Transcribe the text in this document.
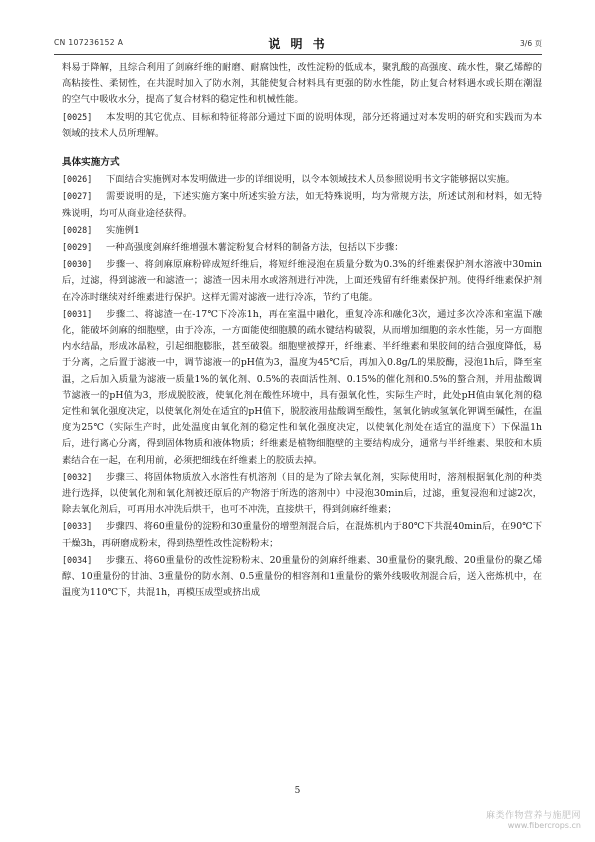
CN 107236152 A	说 明 书	3/6 页

料易于降解，且综合利用了剑麻纤维的耐磨、耐腐蚀性，改性淀粉的低成本，聚乳酸的高强度、疏水性，聚乙烯醇的高粘接性、柔韧性，在共混时加入了防水剂，其能使复合材料具有更强的防水性能，防止复合材料遇水或长期在潮湿的空气中吸收水分，提高了复合材料的稳定性和机械性能。

[0025] 本发明的其它优点、目标和特征将部分通过下面的说明体现，部分还将通过对本发明的研究和实践而为本领域的技术人员所理解。

具体实施方式

[0026] 下面结合实施例对本发明做进一步的详细说明，以令本领域技术人员参照说明书文字能够据以实施。

[0027] 需要说明的是，下述实施方案中所述实验方法，如无特殊说明，均为常规方法，所述试剂和材料，如无特殊说明，均可从商业途径获得。

[0028] 实施例1

[0029] 一种高强度剑麻纤维增强木薯淀粉复合材料的制备方法，包括以下步骤：

[0030] 步骤一、将剑麻原麻粉碎成短纤维后，将短纤维浸泡在质量分数为0.3%的纤维素保护剂水溶液中30min后，过滤，得到滤液一和滤渣一；滤渣一因未用水或溶剂进行冲洗，上面还残留有纤维素保护剂。使得纤维素保护剂在冷冻时继续对纤维素进行保护。这样无需对滤液一进行冷冻，节约了电能。

[0031] 步骤二、将滤渣一在-17℃下冷冻1h，再在室温中融化，重复冷冻和融化3次，通过多次冷冻和室温下融化，能破坏剑麻的细胞壁，由于冷冻，一方面能使细胞膜的疏水键结构破裂，从而增加细胞的亲水性能，另一方面胞内水结晶，形成冰晶粒，引起细胞膨胀，甚至破裂。细胞壁被撑开，纤维素、半纤维素和果胶间的结合强度降低，易于分离，之后置于滤液一中，调节滤液一的pH值为3，温度为45℃后，再加入0.8g/L的果胶酶，浸泡1h后，降至室温，之后加入质量为滤液一质量1%的氧化剂、0.5%的表面活性剂、0.15%的催化剂和0.5%的螯合剂，并用盐酸调节滤液一的pH值为3，形成脱胶液，使氧化剂在酸性环境中，具有强氧化性，实际生产时，此处pH值由氧化剂的稳定性和氧化强度决定，以使氧化剂处在适宜的pH值下，脱胶液用盐酸调至酸性，氢氧化钠或氢氧化钾调至碱性，在温度为25℃（实际生产时，此处温度由氧化剂的稳定性和氧化强度决定，以使氧化剂处在适宜的温度下）下保温1h后，进行离心分离，得到固体物质和液体物质；纤维素是植物细胞壁的主要结构成分，通常与半纤维素、果胶和木质素结合在一起，在利用前，必须把细线在纤维素上的胶质去掉。

[0032] 步骤三、将固体物质放入水溶性有机溶剂（目的是为了除去氧化剂，实际使用时，溶剂根据氧化剂的种类进行选择，以使氧化剂和氧化剂被还原后的产物溶于所选的溶剂中）中浸泡30min后，过滤，重复浸泡和过滤2次，除去氧化剂后，可再用水冲洗后烘干，也可不冲洗，直接烘干，得到剑麻纤维素；

[0033] 步骤四、将60重量份的淀粉和30重量份的增塑剂混合后，在混炼机内于80℃下共混40min后，在90℃下干燥3h，再研磨成粉末，得到热塑性改性淀粉粉末；

[0034] 步骤五、将60重量份的改性淀粉粉末、20重量份的剑麻纤维素、30重量份的聚乳酸、20重量份的聚乙烯醇、10重量份的甘油、3重量份的防水剂、0.5重量份的相容剂和1重量份的紫外线吸收剂混合后，送入密炼机中，在温度为110℃下，共混1h，再模压成型或挤出成

5
麻类作物营养与施肥网
www.fibercrops.cn
